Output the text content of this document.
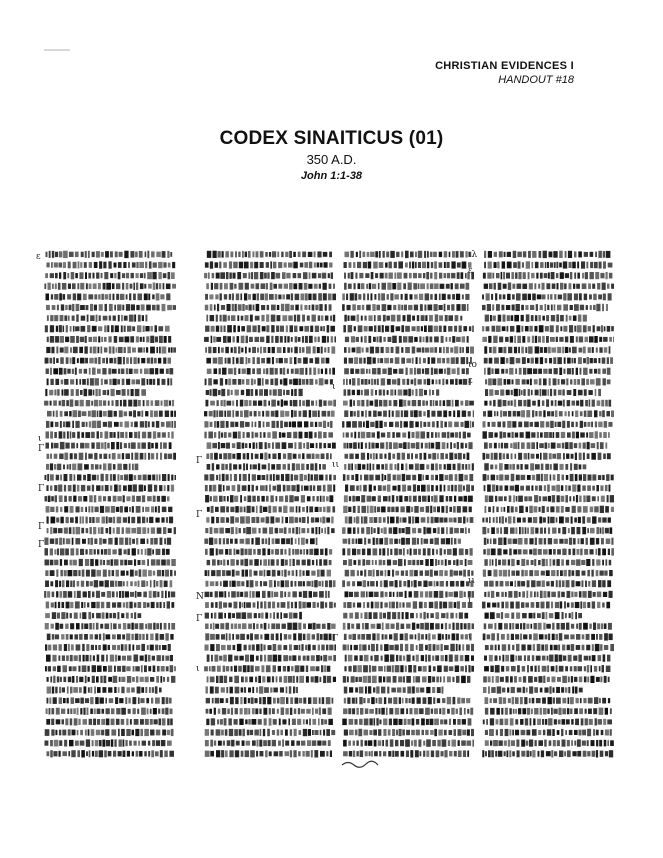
CHRISTIAN EVIDENCES I
HANDOUT #18
CODEX SINAITICUS (01)
350 A.D.
John 1:1-38
ε
ι
Γ
Γ
Γ
Γ
Γ
Γ
Ν
Γ
ι
ι
ιι
Γ
ιλ
ε
ιο
ε
ιι
ι
ι
